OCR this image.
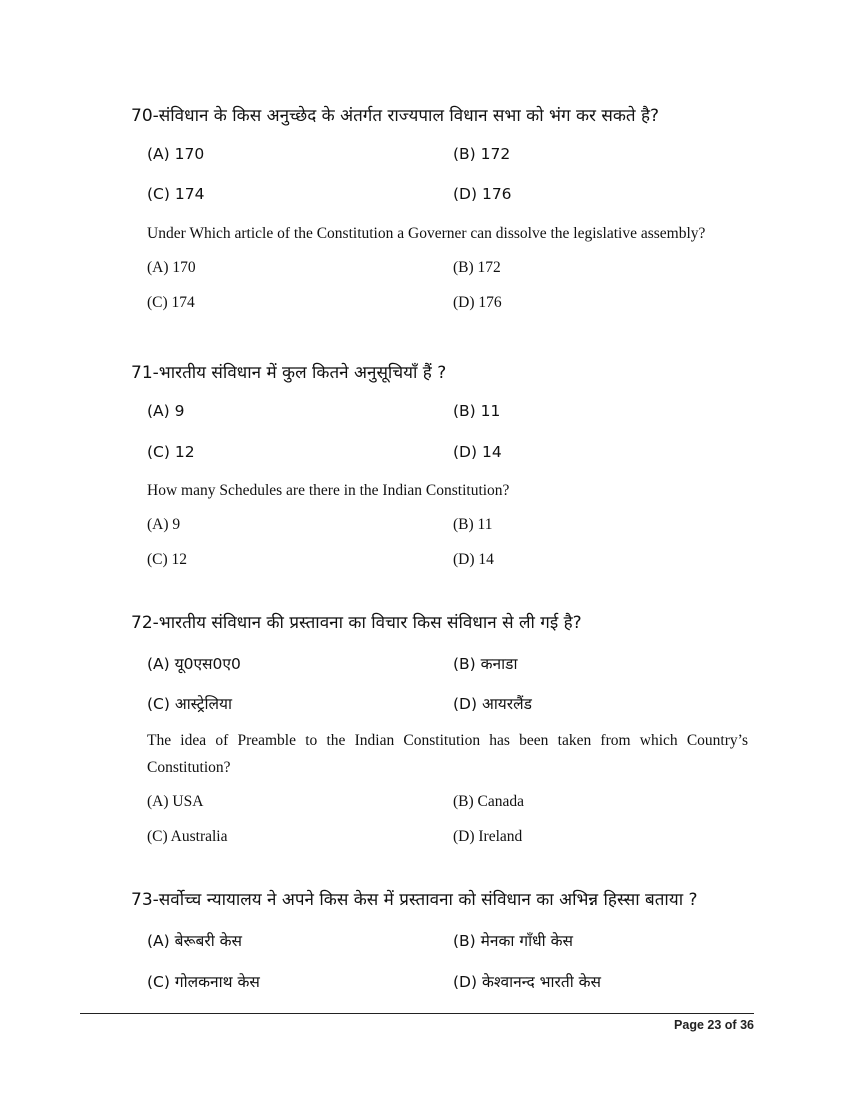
70-संविधान के किस अनुच्छेद के अंतर्गत राज्यपाल विधान सभा को भंग कर सकते है?
(A) 170	(B) 172
(C) 174	(D) 176
Under Which article of the Constitution a Governer can dissolve the legislative assembly?
(A) 170	(B) 172
(C) 174	(D) 176
71-भारतीय संविधान में कुल कितने अनुसूचियाँ हैं ?
(A) 9	(B) 11
(C) 12	(D) 14
How many Schedules are there in the Indian Constitution?
(A) 9	(B) 11
(C) 12	(D) 14
72-भारतीय संविधान की प्रस्तावना का विचार किस संविधान से ली गई है?
(A) यू0एस0ए0	(B) कनाडा
(C) आस्ट्रेलिया	(D) आयरलैंड
The idea of Preamble to the Indian Constitution has been taken from which Country’s
Constitution?
(A) USA	(B) Canada
(C) Australia	(D) Ireland
73-सर्वोच्च न्यायालय ने अपने किस केस में प्रस्तावना को संविधान का अभिन्न हिस्सा बताया ?
(A) बेरूबरी केस	(B) मेनका गाँधी केस
(C) गोलकनाथ केस	(D) केश्वानन्द भारती केस
Page 23 of 36
